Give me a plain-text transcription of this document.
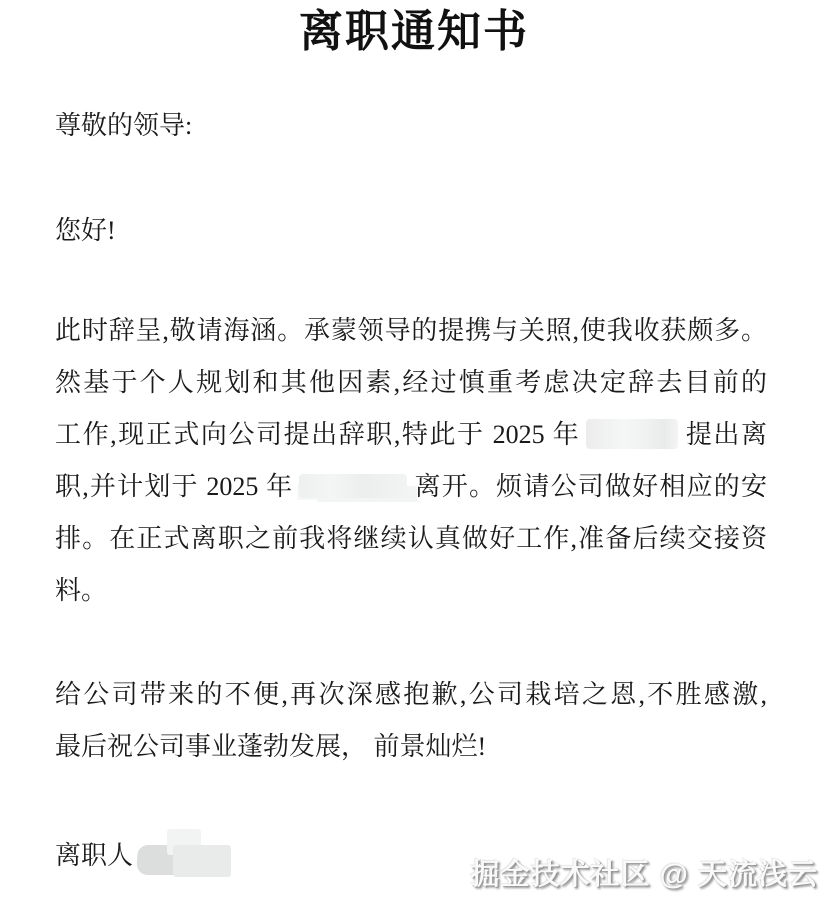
离职通知书
尊敬的领导:
您好!
此时辞呈,敬请海涵。承蒙领导的提携与关照,使我收获颇多。
然基于个人规划和其他因素,经过慎重考虑决定辞去目前的
工作,现正式向公司提出辞职,特此于 2025 年	提出离
职,并计划于 2025 年	离开。烦请公司做好相应的安
排。在正式离职之前我将继续认真做好工作,准备后续交接资
料。
给公司带来的不便,再次深感抱歉,公司栽培之恩,不胜感激,
最后祝公司事业蓬勃发展， 前景灿烂!
离职人
掘金技术社区 @ 天流浅云
